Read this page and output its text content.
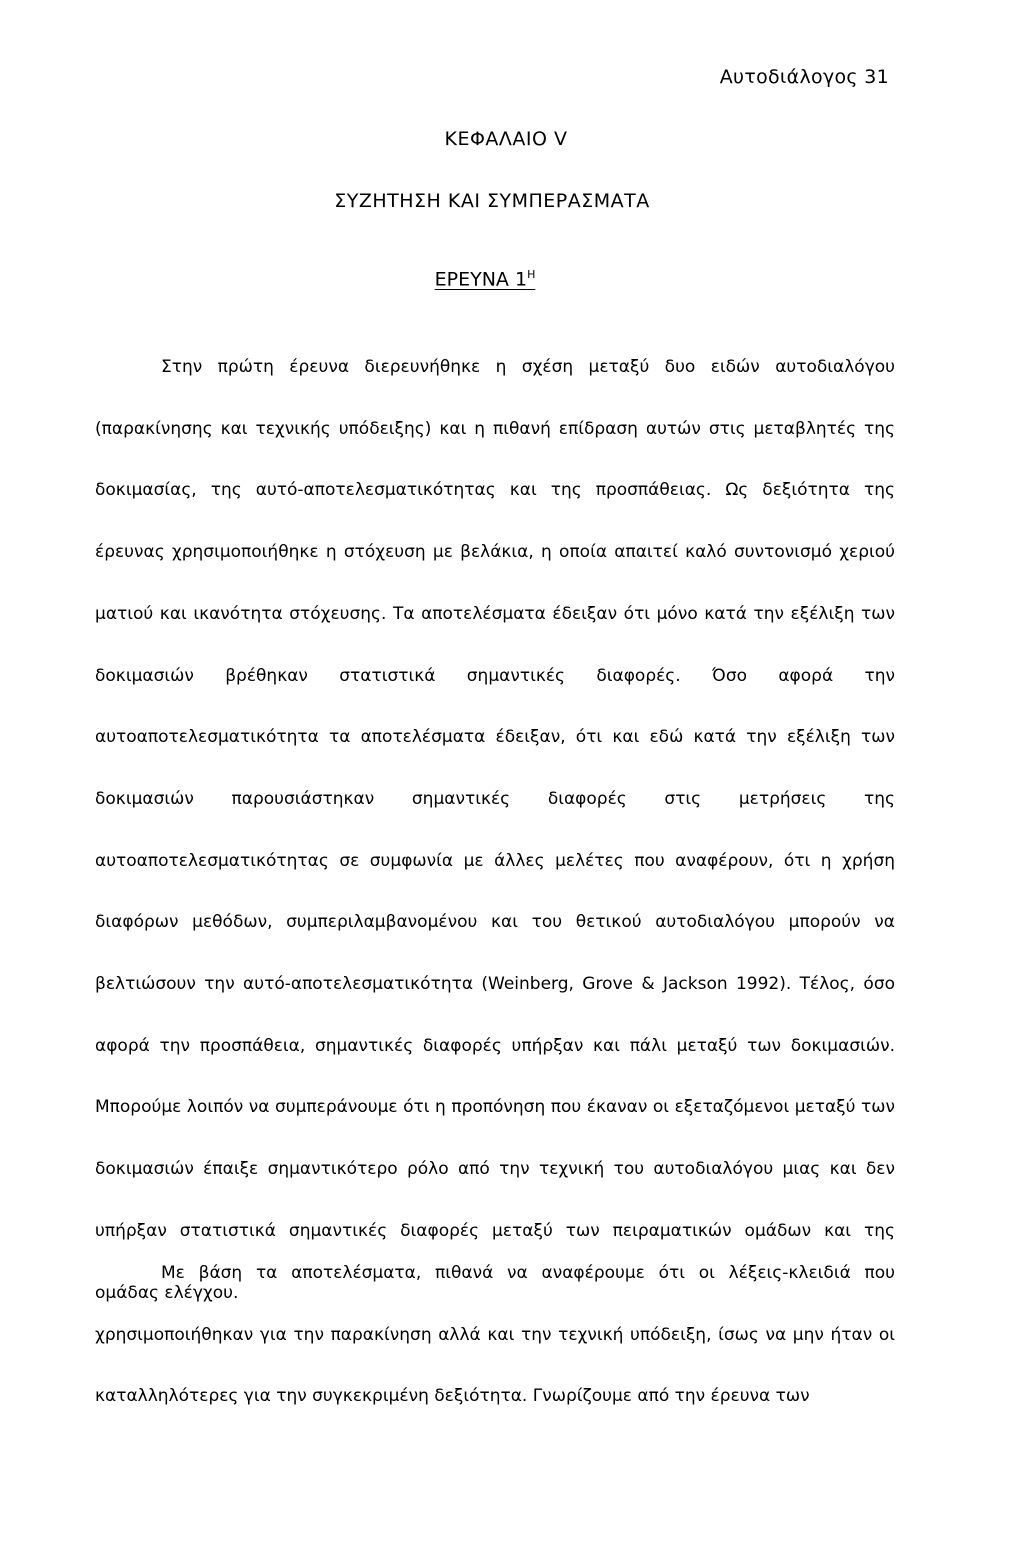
Αυτοδιάλογος 31
ΚΕΦΑΛΑΙΟ V
ΣΥΖΗΤΗΣΗ ΚΑΙ ΣΥΜΠΕΡΑΣΜΑΤΑ
ΕΡΕΥΝΑ $1^H$
Στην πρώτη έρευνα διερευνήθηκε η σχέση μεταξύ δυο ειδών αυτοδιαλόγου (παρακίνησης και τεχνικής υπόδειξης) και η πιθανή επίδραση αυτών στις μεταβλητές της δοκιμασίας, της αυτό-αποτελεσματικότητας και της προσπάθειας. Ως δεξιότητα της έρευνας χρησιμοποιήθηκε η στόχευση με βελάκια, η οποία απαιτεί καλό συντονισμό χεριού ματιού και ικανότητα στόχευσης. Τα αποτελέσματα έδειξαν ότι μόνο κατά την εξέλιξη των δοκιμασιών βρέθηκαν στατιστικά σημαντικές διαφορές. Όσο αφορά την αυτοαποτελεσματικότητα τα αποτελέσματα έδειξαν, ότι και εδώ κατά την εξέλιξη των δοκιμασιών παρουσιάστηκαν σημαντικές διαφορές στις μετρήσεις της αυτοαποτελεσματικότητας σε συμφωνία με άλλες μελέτες που αναφέρουν, ότι η χρήση διαφόρων μεθόδων, συμπεριλαμβανομένου και του θετικού αυτοδιαλόγου μπορούν να βελτιώσουν την αυτό-αποτελεσματικότητα (Weinberg, Grove & Jackson 1992). Τέλος, όσο αφορά την προσπάθεια, σημαντικές διαφορές υπήρξαν και πάλι μεταξύ των δοκιμασιών. Μπορούμε λοιπόν να συμπεράνουμε ότι η προπόνηση που έκαναν οι εξεταζόμενοι μεταξύ των δοκιμασιών έπαιξε σημαντικότερο ρόλο από την τεχνική του αυτοδιαλόγου μιας και δεν υπήρξαν στατιστικά σημαντικές διαφορές μεταξύ των πειραματικών ομάδων και της ομάδας ελέγχου.
Με βάση τα αποτελέσματα, πιθανά να αναφέρουμε ότι οι λέξεις-κλειδιά που χρησιμοποιήθηκαν για την παρακίνηση αλλά και την τεχνική υπόδειξη, ίσως να μην ήταν οι καταλληλότερες για την συγκεκριμένη δεξιότητα. Γνωρίζουμε από την έρευνα των
